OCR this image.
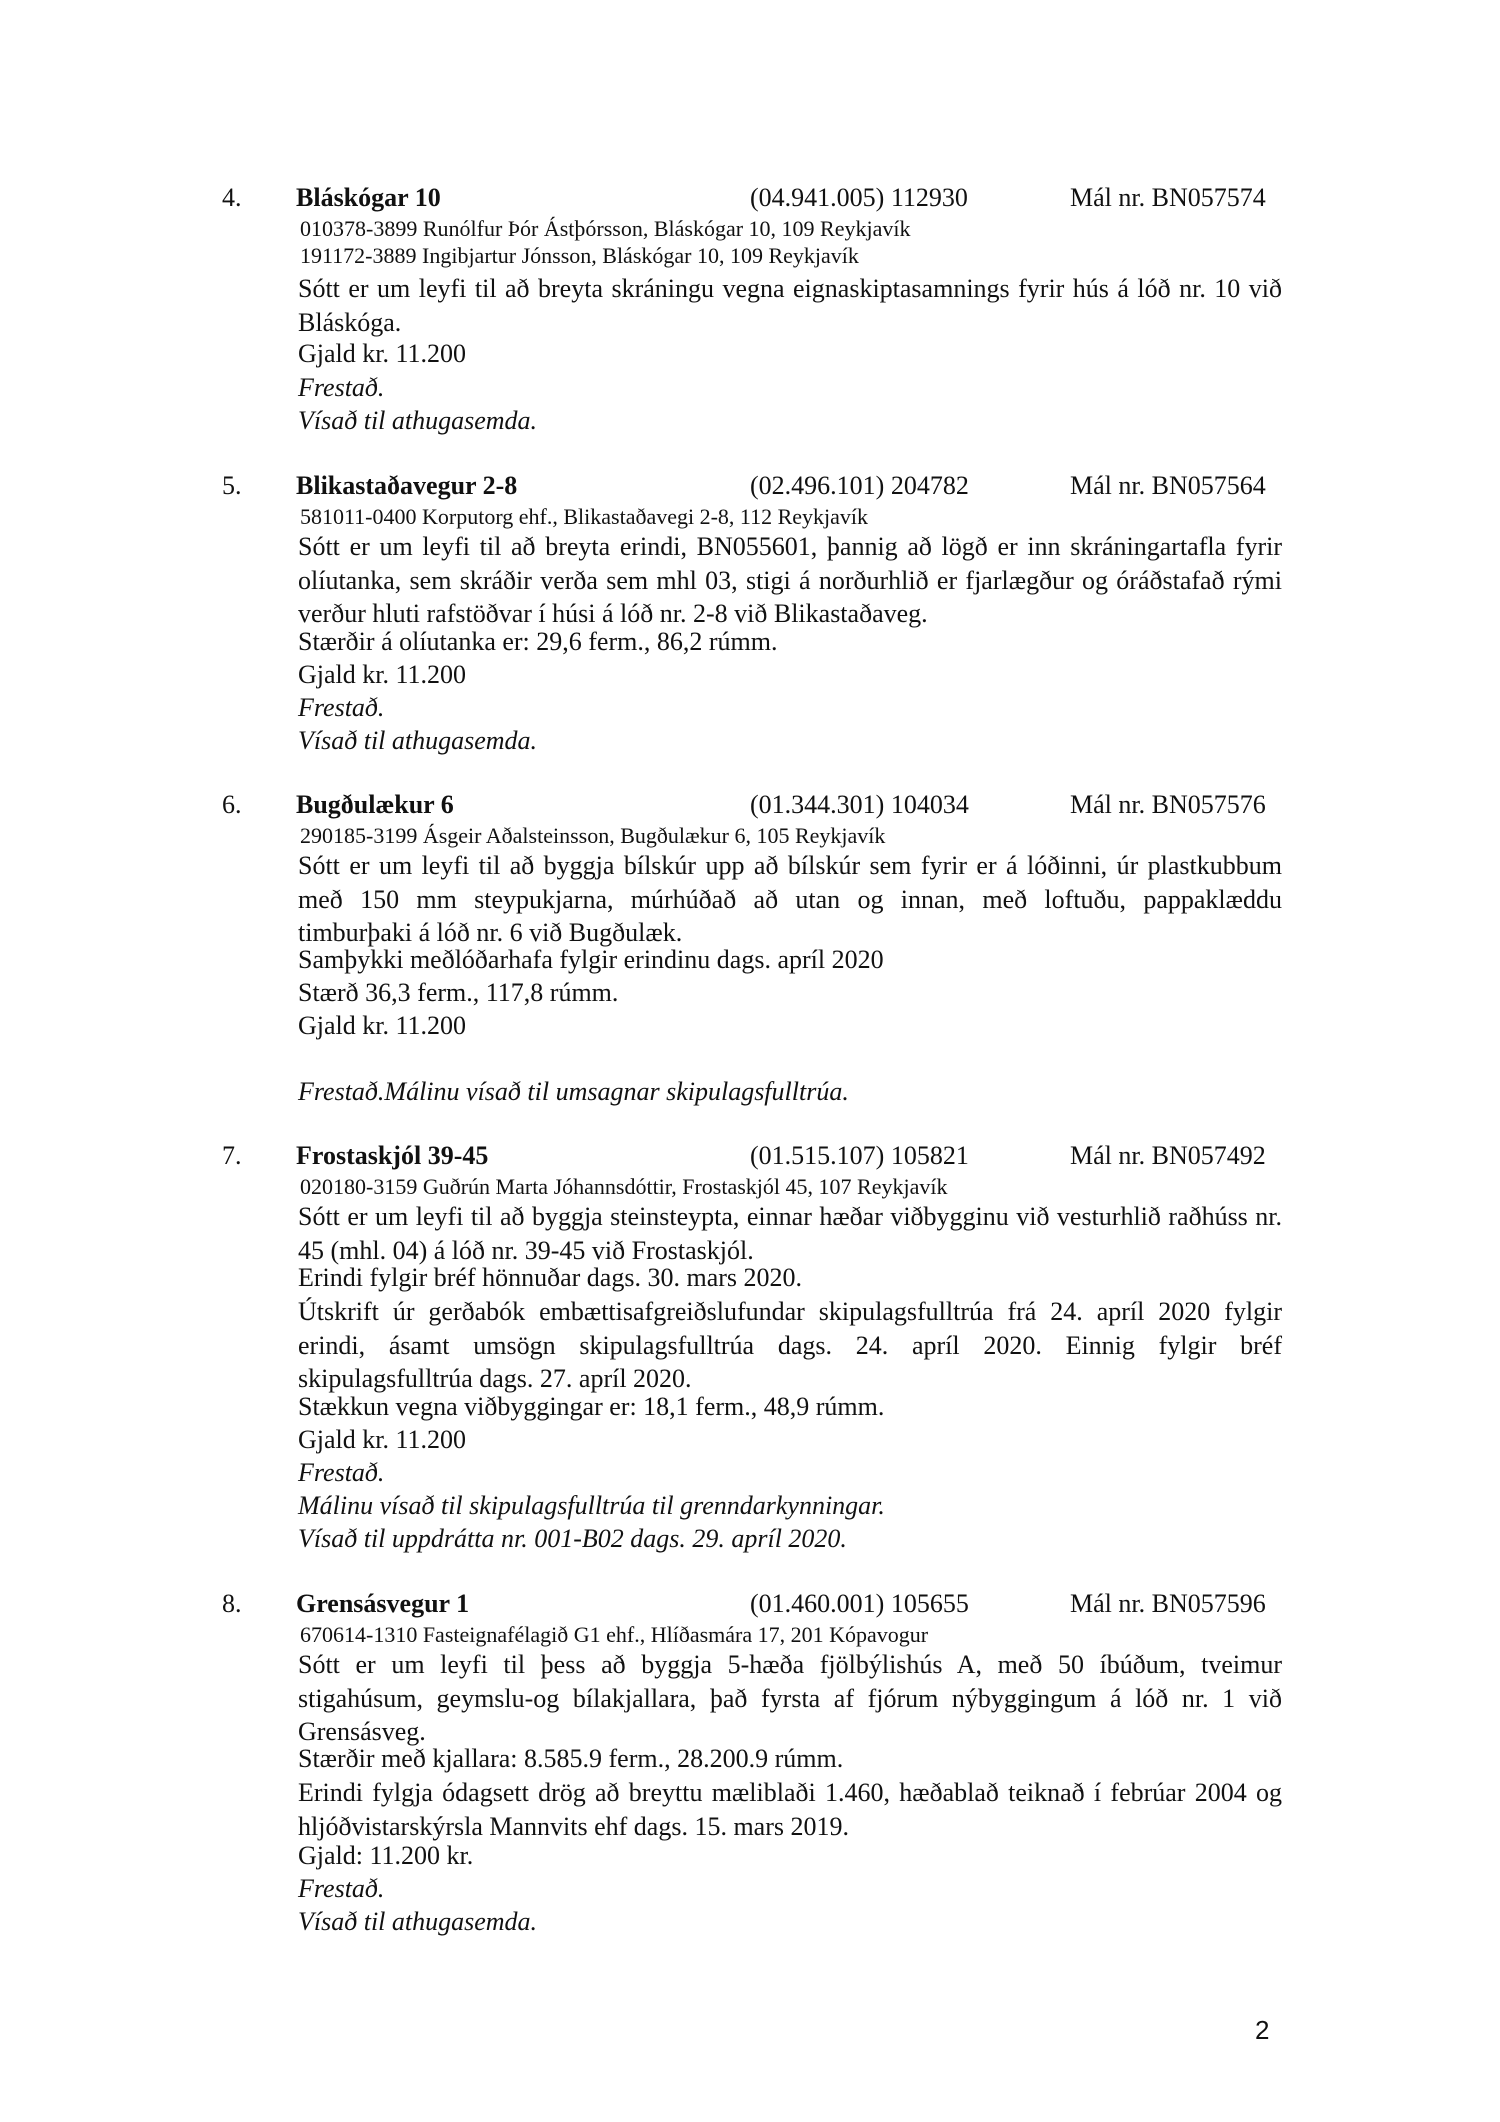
4. Bláskógar 10	(04.941.005) 112930	Mál nr. BN057574
010378-3899 Runólfur Þór Ástþórsson, Bláskógar 10, 109 Reykjavík
191172-3889 Ingibjartur Jónsson, Bláskógar 10, 109 Reykjavík
Sótt er um leyfi til að breyta skráningu vegna eignaskiptasamnings fyrir hús á lóð nr. 10 við Bláskóga.
Gjald kr. 11.200
Frestað.
Vísað til athugasemda.
5. Blikastaðavegur 2-8	(02.496.101) 204782	Mál nr. BN057564
581011-0400 Korputorg ehf., Blikastaðavegi 2-8, 112 Reykjavík
Sótt er um leyfi til að breyta erindi, BN055601, þannig að lögð er inn skráningartafla fyrir olíutanka, sem skráðir verða sem mhl 03, stigi á norðurhlið er fjarlægður og óráðstafað rými verður hluti rafstöðvar í húsi á lóð nr. 2-8 við Blikastaðaveg.
Stærðir á olíutanka er: 29,6 ferm., 86,2 rúmm.
Gjald kr. 11.200
Frestað.
Vísað til athugasemda.
6. Bugðulækur 6	(01.344.301) 104034	Mál nr. BN057576
290185-3199 Ásgeir Aðalsteinsson, Bugðulækur 6, 105 Reykjavík
Sótt er um leyfi til að byggja bílskúr upp að bílskúr sem fyrir er á lóðinni, úr plastkubbum með 150 mm steypukjarna, múrhúðað að utan og innan, með loftuðu, pappaklæddu timburþaki á lóð nr. 6 við Bugðulæk.
Samþykki meðlóðarhafa fylgir erindinu dags. apríl 2020
Stærð 36,3 ferm., 117,8 rúmm.
Gjald kr. 11.200
Frestað.Málinu vísað til umsagnar skipulagsfulltrúa.
7. Frostaskjól 39-45	(01.515.107) 105821	Mál nr. BN057492
020180-3159 Guðrún Marta Jóhannsdóttir, Frostaskjól 45, 107 Reykjavík
Sótt er um leyfi til að byggja steinsteypta, einnar hæðar viðbygginu við vesturhlið raðhúss nr. 45 (mhl. 04) á lóð nr. 39-45 við Frostaskjól.
Erindi fylgir bréf hönnuðar dags. 30. mars 2020.
Útskrift úr gerðabók embættisafgreiðslufundar skipulagsfulltrúa frá 24. apríl 2020 fylgir erindi, ásamt umsögn skipulagsfulltrúa dags. 24. apríl 2020. Einnig fylgir bréf skipulagsfulltrúa dags. 27. apríl 2020.
Stækkun vegna viðbyggingar er: 18,1 ferm., 48,9 rúmm.
Gjald kr. 11.200
Frestað.
Málinu vísað til skipulagsfulltrúa til grenndarkynningar.
Vísað til uppdrátta nr. 001-B02 dags. 29. apríl 2020.
8. Grensásvegur 1	(01.460.001) 105655	Mál nr. BN057596
670614-1310 Fasteignafélagið G1 ehf., Hlíðasmára 17, 201 Kópavogur
Sótt er um leyfi til þess að byggja 5-hæða fjölbýlishús A, með 50 íbúðum, tveimur stigahúsum, geymslu-og bílakjallara, það fyrsta af fjórum nýbyggingum á lóð nr. 1 við Grensásveg.
Stærðir með kjallara: 8.585.9 ferm., 28.200.9 rúmm.
Erindi fylgja ódagsett drög að breyttu mæliblaði 1.460, hæðablað teiknað í febrúar 2004 og hljóðvistarskýrsla Mannvits ehf dags. 15. mars 2019.
Gjald: 11.200 kr.
Frestað.
Vísað til athugasemda.
2
